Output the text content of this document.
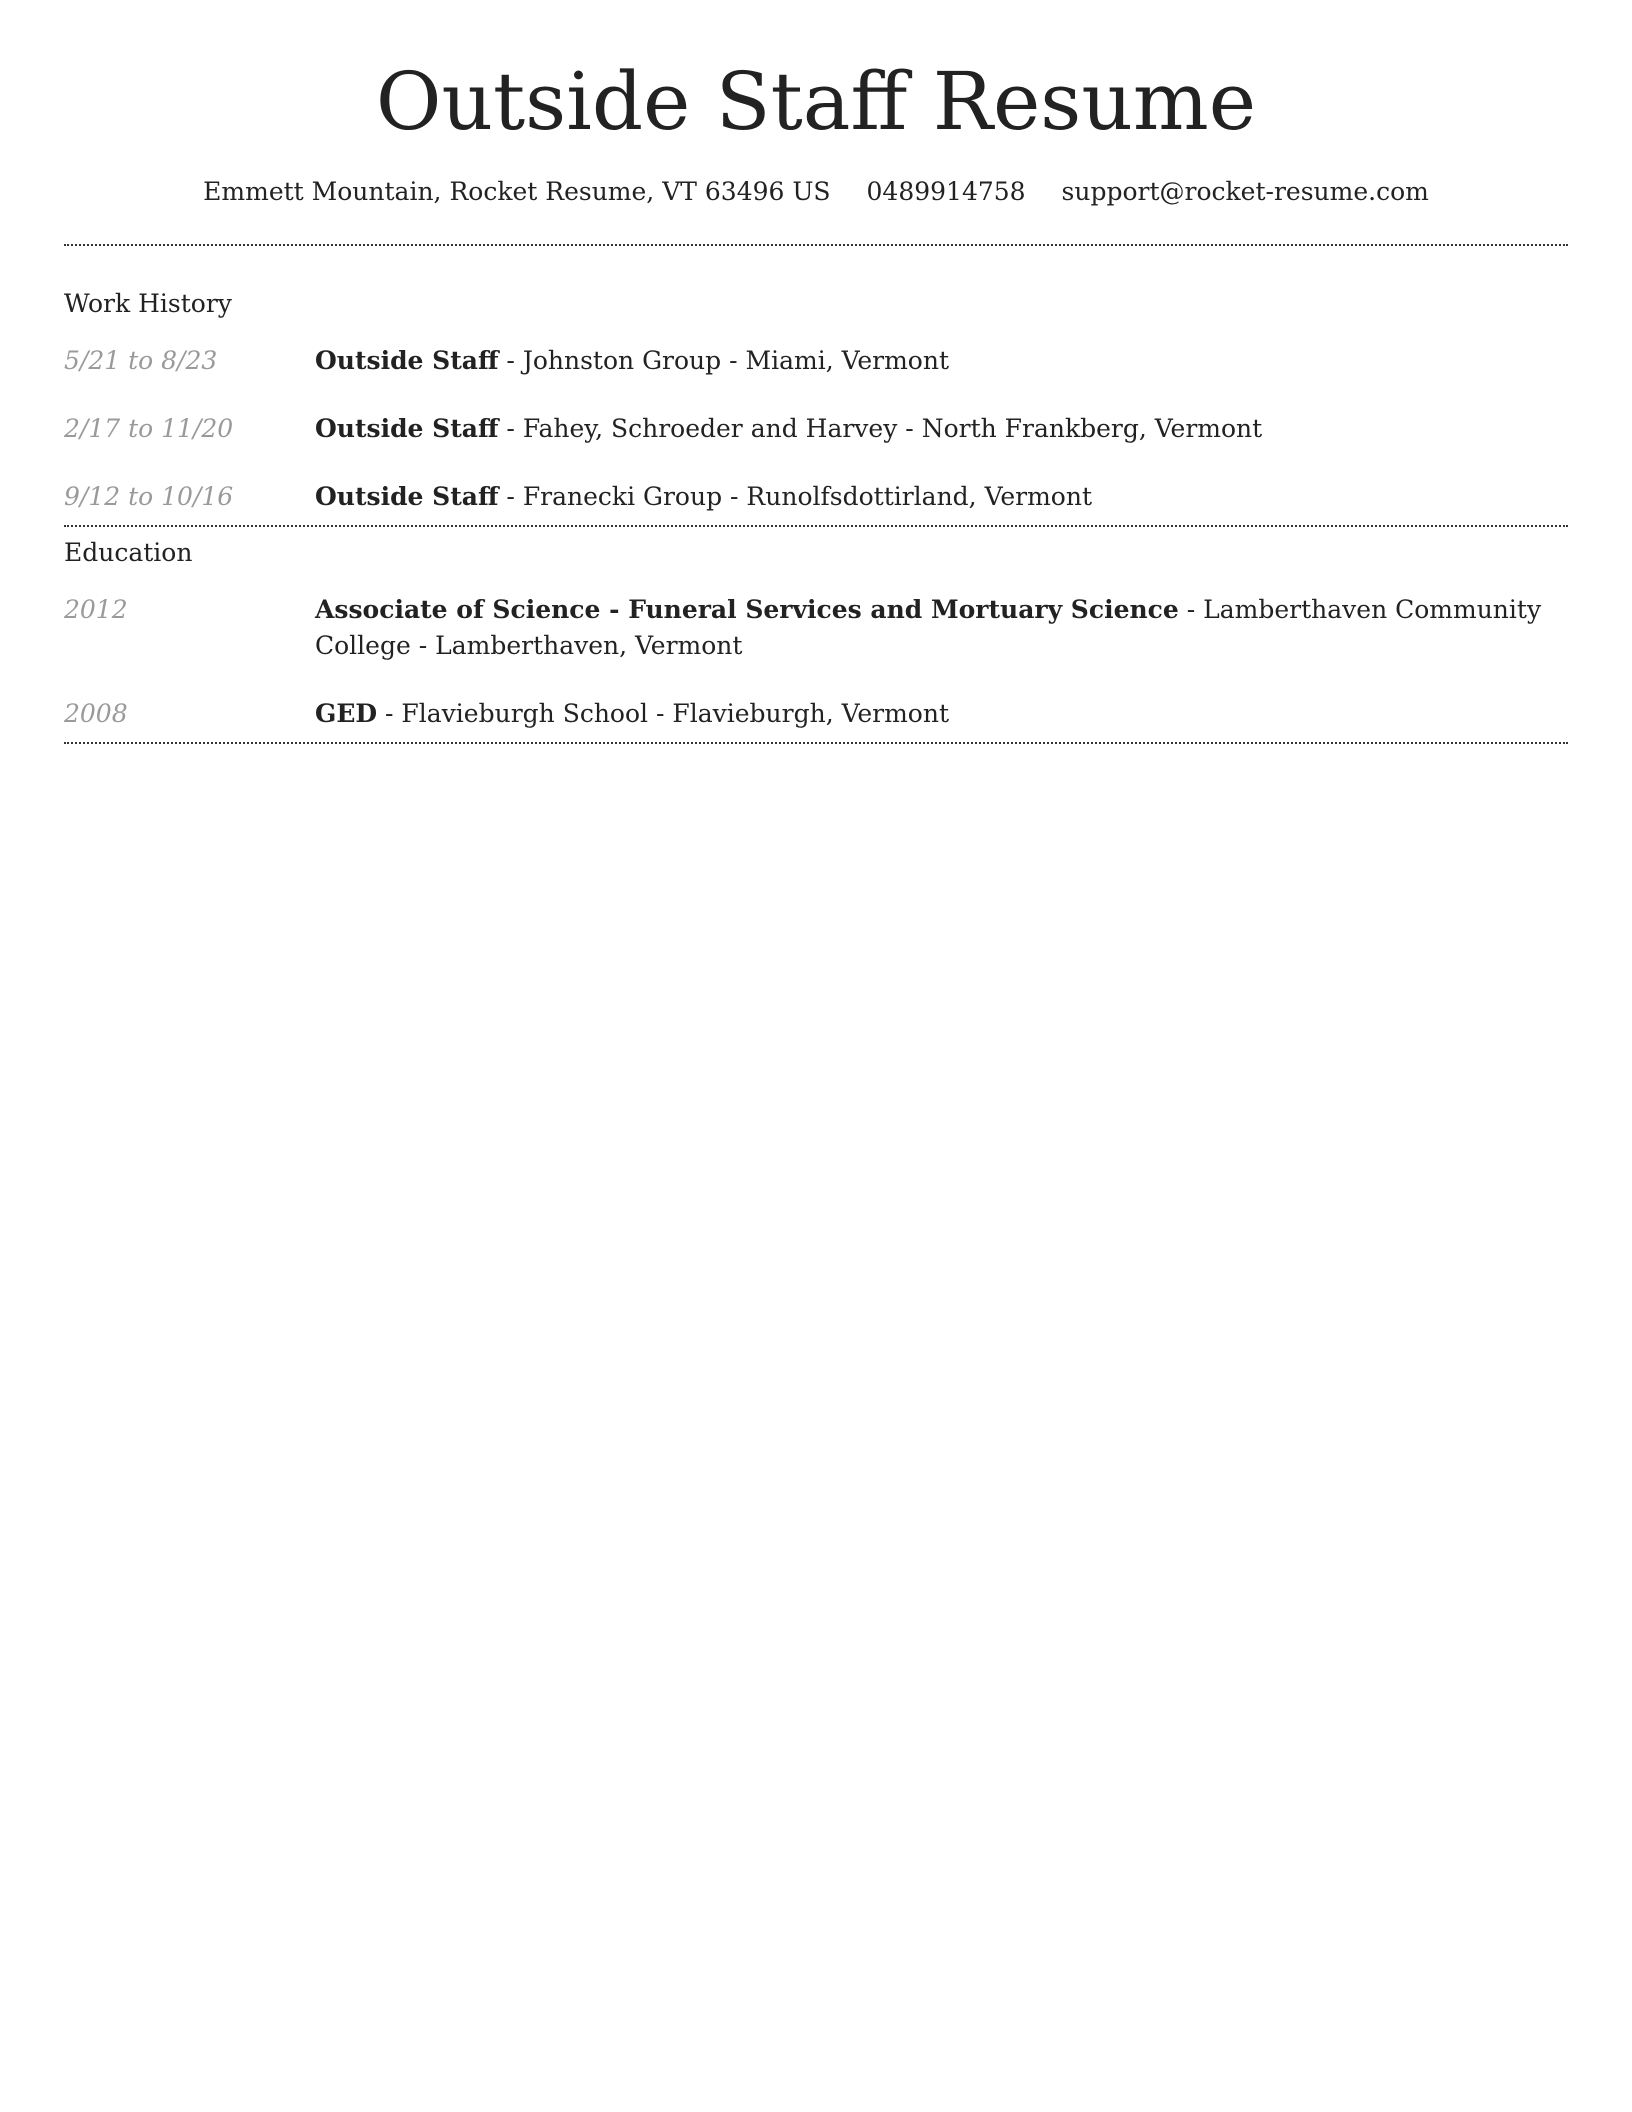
Outside Staff Resume
Emmett Mountain, Rocket Resume, VT 63496 US 0489914758 support@rocket-resume.com
Work History
5/21 to 8/23	Outside Staff - Johnston Group - Miami, Vermont
2/17 to 11/20	Outside Staff - Fahey, Schroeder and Harvey - North Frankberg, Vermont
9/12 to 10/16	Outside Staff - Franecki Group - Runolfsdottirland, Vermont
Education
2012	Associate of Science - Funeral Services and Mortuary Science - Lamberthaven Community College - Lamberthaven, Vermont
2008	GED - Flavieburgh School - Flavieburgh, Vermont
